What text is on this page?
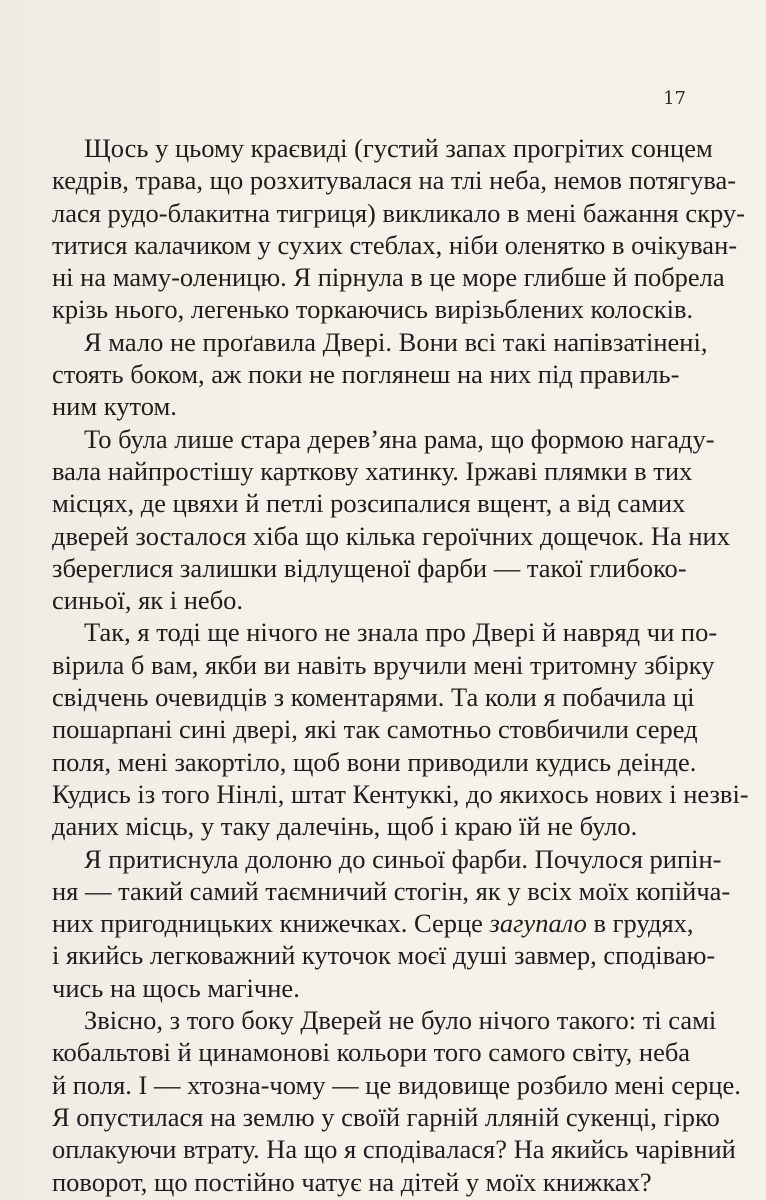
17
Щось у цьому краєвиді (густий запах прогрітих сонцем
кедрів, трава, що розхитувалася на тлі неба, немов потягува-
лася рудо-блакитна тигриця) викликало в мені бажання скру-
титися калачиком у сухих стеблах, ніби оленятко в очікуван-
ні на маму-оленицю. Я пірнула в це море глибше й побрела
крізь нього, легенько торкаючись вирізьблених колосків.
Я мало не проґавила Двері. Вони всі такі напівзатінені,
стоять боком, аж поки не поглянеш на них під правиль-
ним кутом.
То була лише стара дерев’яна рама, що формою нагаду-
вала найпростішу карткову хатинку. Іржаві плямки в тих
місцях, де цвяхи й петлі розсипалися вщент, а від самих
дверей зосталося хіба що кілька героїчних дощечок. На них
збереглися залишки відлущеної фарби — такої глибоко-
синьої, як і небо.
Так, я тоді ще нічого не знала про Двері й навряд чи по-
вірила б вам, якби ви навіть вручили мені тритомну збірку
свідчень очевидців з коментарями. Та коли я побачила ці
пошарпані сині двері, які так самотньо стовбичили серед
поля, мені закортіло, щоб вони приводили кудись деінде.
Кудись із того Нінлі, штат Кентуккі, до якихось нових і незві-
даних місць, у таку далечінь, щоб і краю їй не було.
Я притиснула долоню до синьої фарби. Почулося рипін-
ня — такий самий таємничий стогін, як у всіх моїх копійча-
них пригодницьких книжечках. Серце загупало в грудях,
і якийсь легковажний куточок моєї душі завмер, сподіваю-
чись на щось магічне.
Звісно, з того боку Дверей не було нічого такого: ті самі
кобальтові й цинамонові кольори того самого світу, неба
й поля. І — хтозна-чому — це видовище розбило мені серце.
Я опустилася на землю у своїй гарній лляній сукенці, гірко
оплакуючи втрату. На що я сподівалася? На якийсь чарівний
поворот, що постійно чатує на дітей у моїх книжках?
